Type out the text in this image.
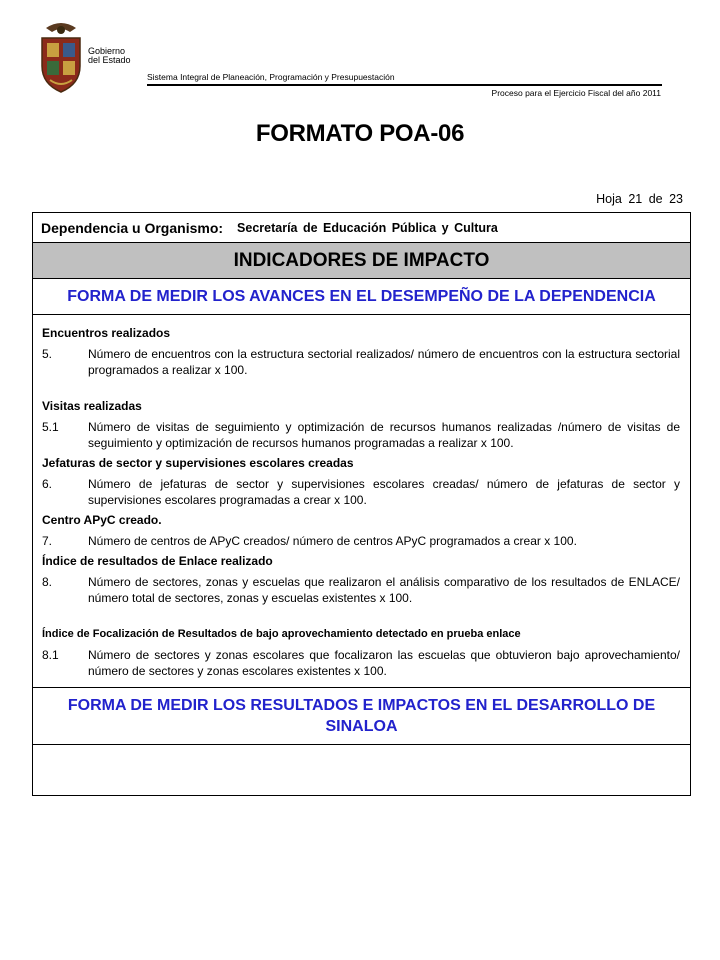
Gobierno
del Estado
Sistema Integral de Planeación, Programación y Presupuestación
Proceso para el Ejercicio Fiscal del año 2011
FORMATO POA-06
Hoja 21 de 23
Dependencia u Organismo: Secretaría de Educación Pública y Cultura

INDICADORES DE IMPACTO
FORMA DE MEDIR LOS AVANCES EN EL DESEMPEÑO DE LA DEPENDENCIA

Encuentros realizados
5.	Número de encuentros con la estructura sectorial realizados/ número de encuentros con la estructura sectorial programados a realizar x 100.
Visitas realizadas
5.1	Número de visitas de seguimiento y optimización de recursos humanos realizadas /número de visitas de seguimiento y optimización de recursos humanos programadas a realizar x 100.
Jefaturas de sector y supervisiones escolares creadas
6.	Número de jefaturas de sector y supervisiones escolares creadas/ número de jefaturas de sector y supervisiones escolares programadas a crear x 100.
Centro APyC creado.
7.	Número de centros de APyC creados/ número de centros APyC programados a crear x 100.
Índice de resultados de Enlace realizado
8.	Número de sectores, zonas y escuelas que realizaron el análisis comparativo de los resultados de ENLACE/ número total de sectores, zonas y escuelas existentes x 100.
Índice de Focalización de Resultados de bajo aprovechamiento detectado en prueba enlace
8.1	Número de sectores y zonas escolares que focalizaron las escuelas que obtuvieron bajo aprovechamiento/ número de sectores y zonas escolares existentes x 100.

FORMA DE MEDIR LOS RESULTADOS E IMPACTOS EN EL DESARROLLO DE SINALOA
